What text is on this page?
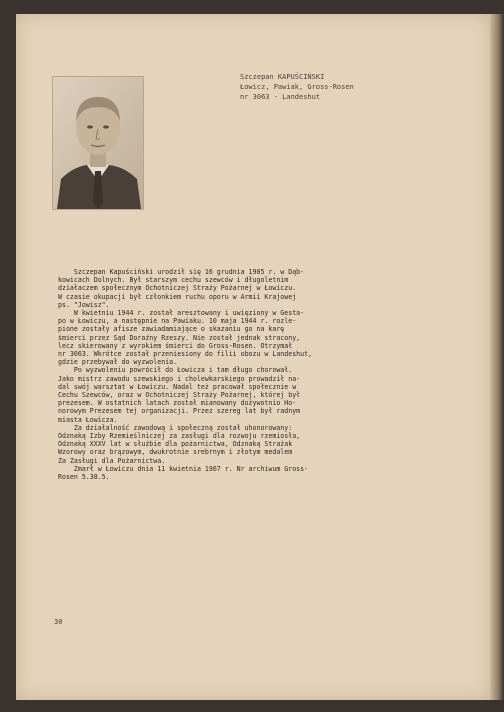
Szczepan KAPUŚCIŃSKI
Łowicz, Pawiak, Gross-Rosen
nr 3063 - Landeshut

Szczepan Kapuściński urodził się 16 grudnia 1905 r. w Dąb-

kowicach Dolnych. Był starszym cechu szewców i długoletnim

działaczem społecznym Ochotniczej Straży Pożarnej w Łowiczu.

W czasie okupacji był członkiem ruchu oporu w Armii Krajowej

ps. "Jowisz".

W kwietniu 1944 r. został aresztowany i uwięziony w Gesta-

po w Łowiczu, a następnie na Pawiaku. 10 maja 1944 r. rozle-

pione zostały afisze zawiadamiające o skazaniu go na karę

śmierci przez Sąd Doraźny Rzeszy. Nie został jednak stracony,

lecz skierowany z wyrokiem śmierci do Gross-Rosen. Otrzymał

nr 3063. Wkrótce został przeniesiony do filii obozu w Landeshut,

gdzie przebywał do wyzwolenia.

Po wyzwoleniu powrócił do Łowicza i tam długo chorował.

Jako mistrz zawodu szewskiego i cholewkarskiego prowadził na-

dal swój warsztat w Łowiczu. Nadal też pracował społecznie w

Cechu Szewców, oraz w Ochotniczej Straży Pożarnej, której był

prezesem. W ostatnich latach został mianowany dożywotnio Ho-

norowym Prezesem tej organizacji. Przez szereg lat był radnym

miasta Łowicza.

Za działalność zawodową i społeczną został uhonorowany:

Odznaką Izby Rzemieślniczej za zasługi dla rozwoju rzemiosła,

Odznaką XXXV lat w służbie dla pożarnictwa, Odznaką Strażak

Wzorowy oraz brązowym, dwukrotnie srebrnym i złotym medalem

Za Zasługi dla Pożarnictwa.

Zmarł w Łowiczu dnia 11 kwietnia 1967 r. Nr archiwum Gross-

Rosen 5.38.5.

30
